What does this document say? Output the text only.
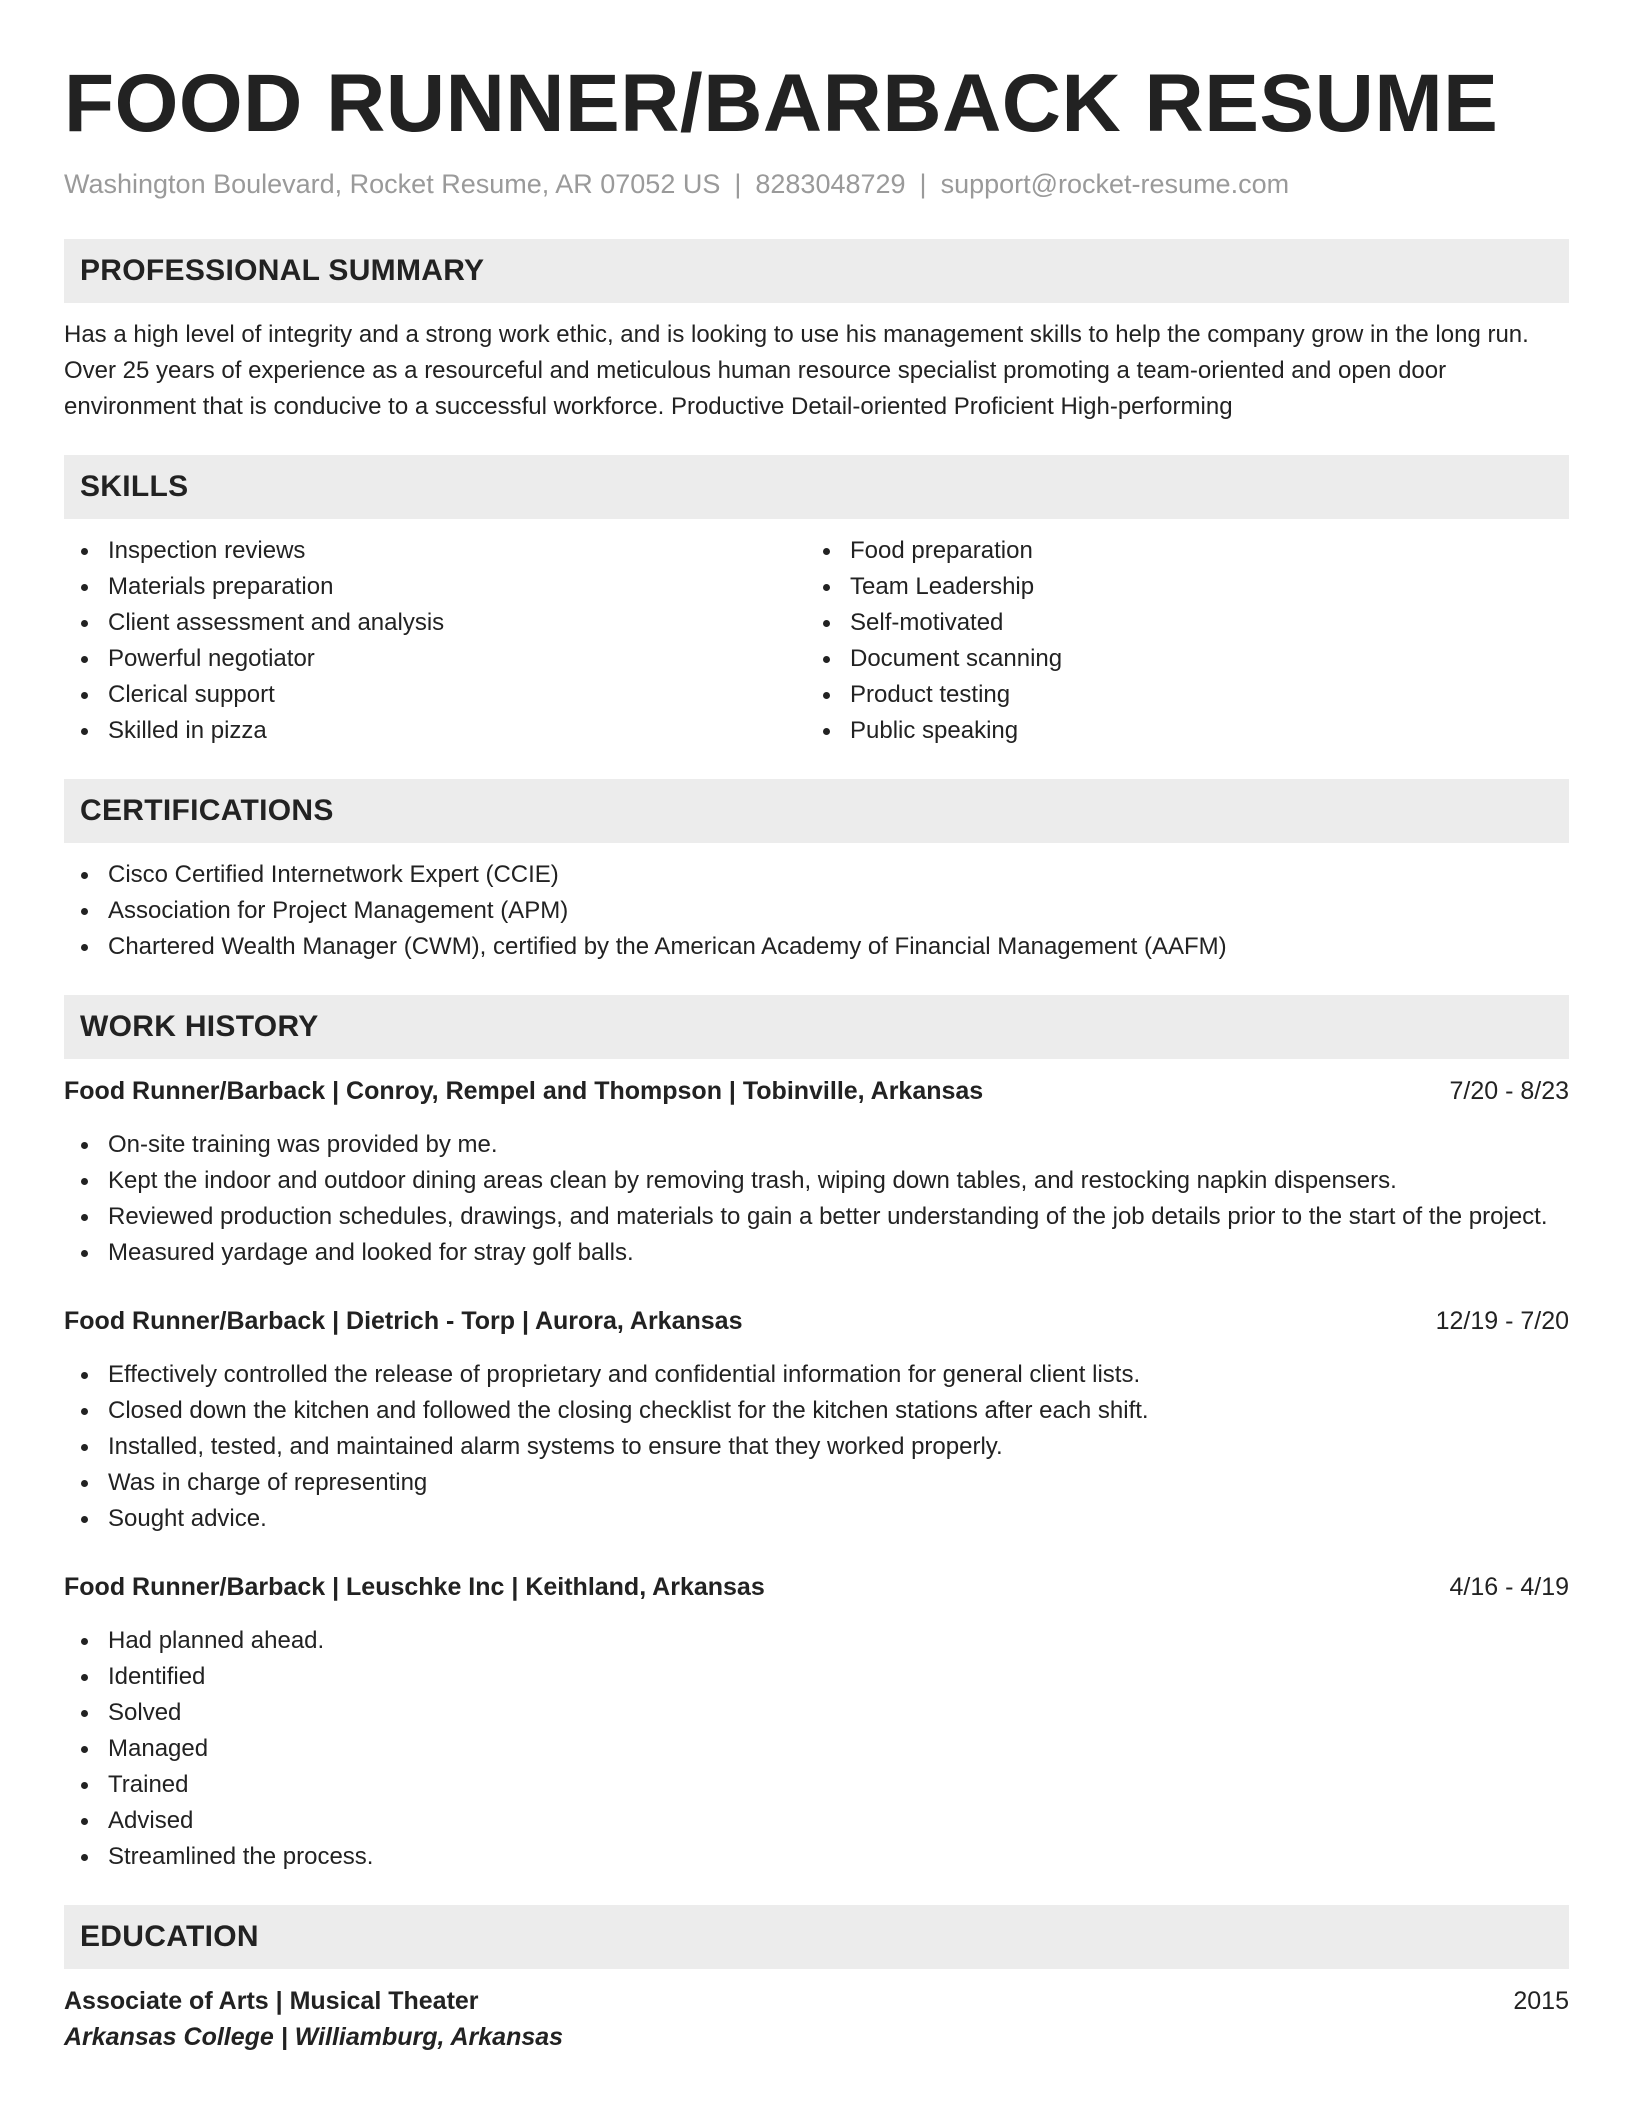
FOOD RUNNER/BARBACK RESUME
Washington Boulevard, Rocket Resume, AR 07052 US | 8283048729 | support@rocket-resume.com
PROFESSIONAL SUMMARY

Has a high level of integrity and a strong work ethic, and is looking to use his management skills to help the company grow in the long run. Over 25 years of experience as a resourceful and meticulous human resource specialist promoting a team-oriented and open door environment that is conducive to a successful workforce. Productive Detail-oriented Proficient High-performing

SKILLS
Inspection reviews
Materials preparation
Client assessment and analysis
Powerful negotiator
Clerical support
Skilled in pizza
Food preparation
Team Leadership
Self-motivated
Document scanning
Product testing
Public speaking
CERTIFICATIONS
Cisco Certified Internetwork Expert (CCIE)
Association for Project Management (APM)
Chartered Wealth Manager (CWM), certified by the American Academy of Financial Management (AAFM)
WORK HISTORY
Food Runner/Barback | Conroy, Rempel and Thompson | Tobinville, Arkansas	7/20 - 8/23
On-site training was provided by me.
Kept the indoor and outdoor dining areas clean by removing trash, wiping down tables, and restocking napkin dispensers.
Reviewed production schedules, drawings, and materials to gain a better understanding of the job details prior to the start of the project.
Measured yardage and looked for stray golf balls.
Food Runner/Barback | Dietrich - Torp | Aurora, Arkansas	12/19 - 7/20
Effectively controlled the release of proprietary and confidential information for general client lists.
Closed down the kitchen and followed the closing checklist for the kitchen stations after each shift.
Installed, tested, and maintained alarm systems to ensure that they worked properly.
Was in charge of representing
Sought advice.
Food Runner/Barback | Leuschke Inc | Keithland, Arkansas	4/16 - 4/19
Had planned ahead.
Identified
Solved
Managed
Trained
Advised
Streamlined the process.
EDUCATION
Associate of Arts | Musical Theater	2015
Arkansas College | Williamburg, Arkansas
